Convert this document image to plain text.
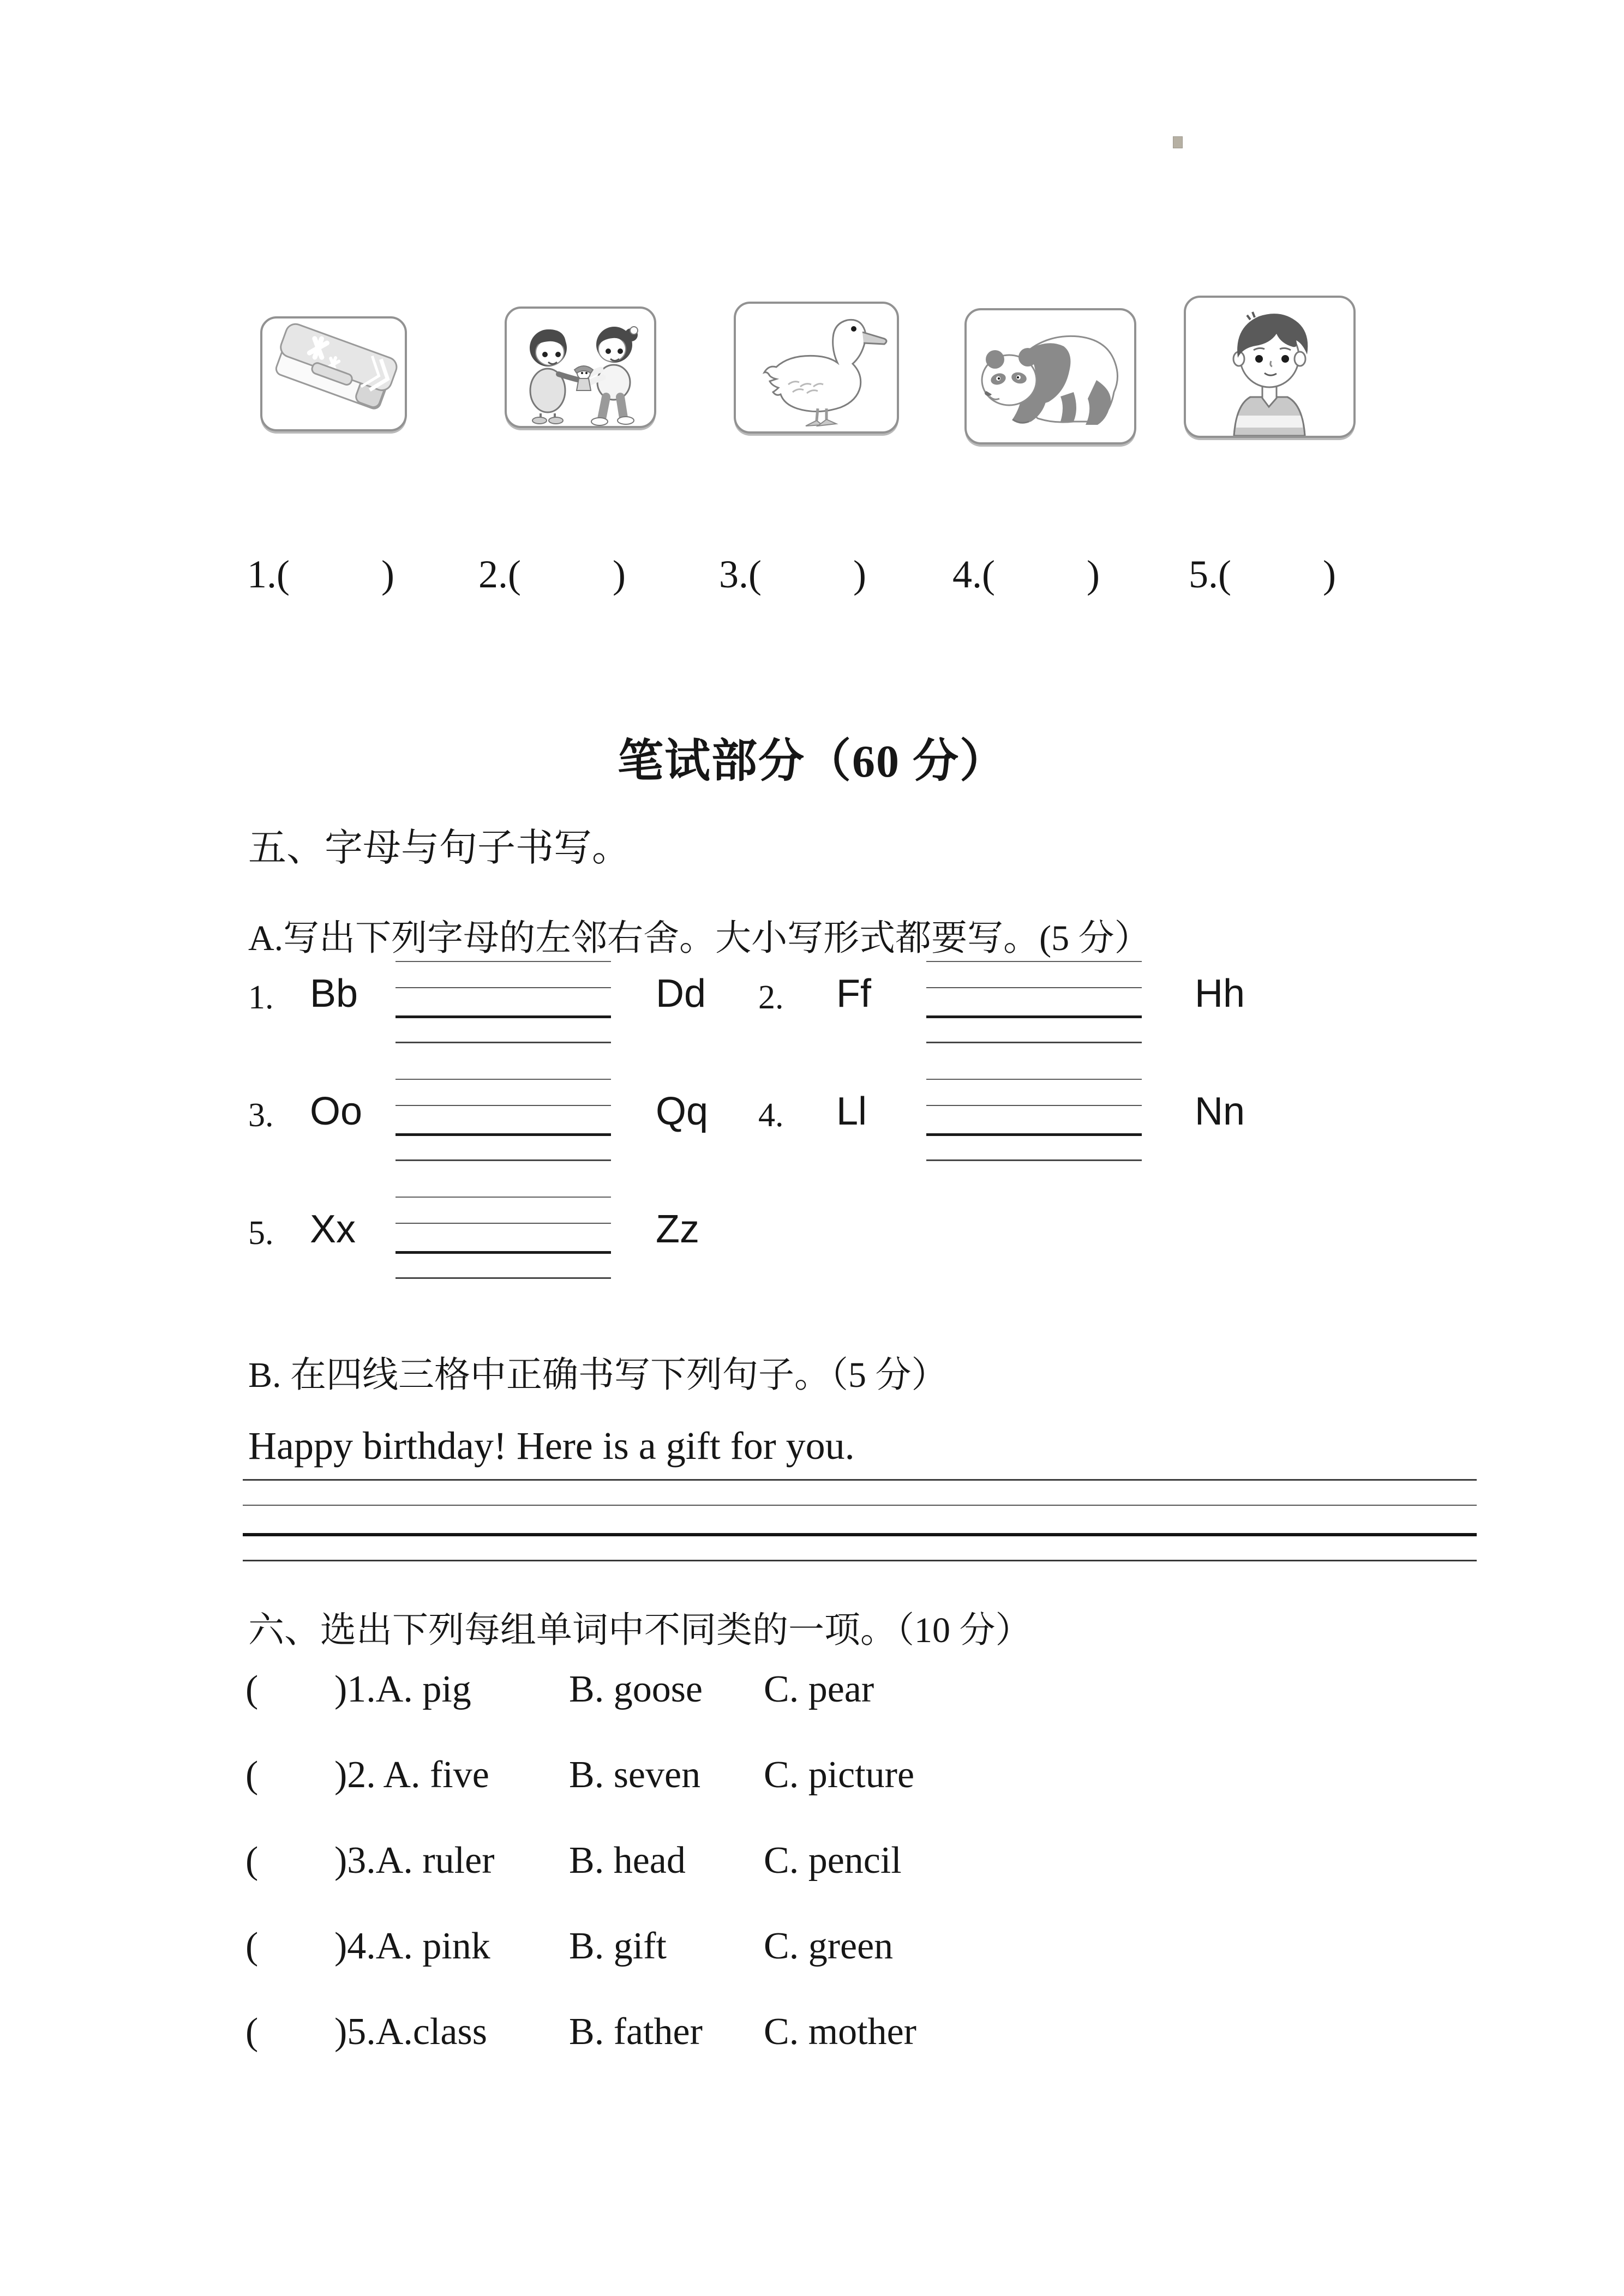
1.( ) 2.( ) 3.( ) 4.( ) 5.( )
笔试部分（60 分）
五、字母与句子书写。
A.写出下列字母的左邻右舍。大小写形式都要写。(5 分）
1. Bb	Dd 2. Ff	Hh
3. Oo	Qq 4. Ll	Nn
5. Xx	Zz
B. 在四线三格中正确书写下列句子。（5 分）
Happy birthday! Here is a gift for you.
六、选出下列每组单词中不同类的一项。（10 分）
( )1.A. pig	B. goose C. pear
( )2. A. five B. seven C. picture
( )3.A. ruler B. head C. pencil
( )4.A. pink B. gift	C. green
( )5.A.class B. father C. mother
